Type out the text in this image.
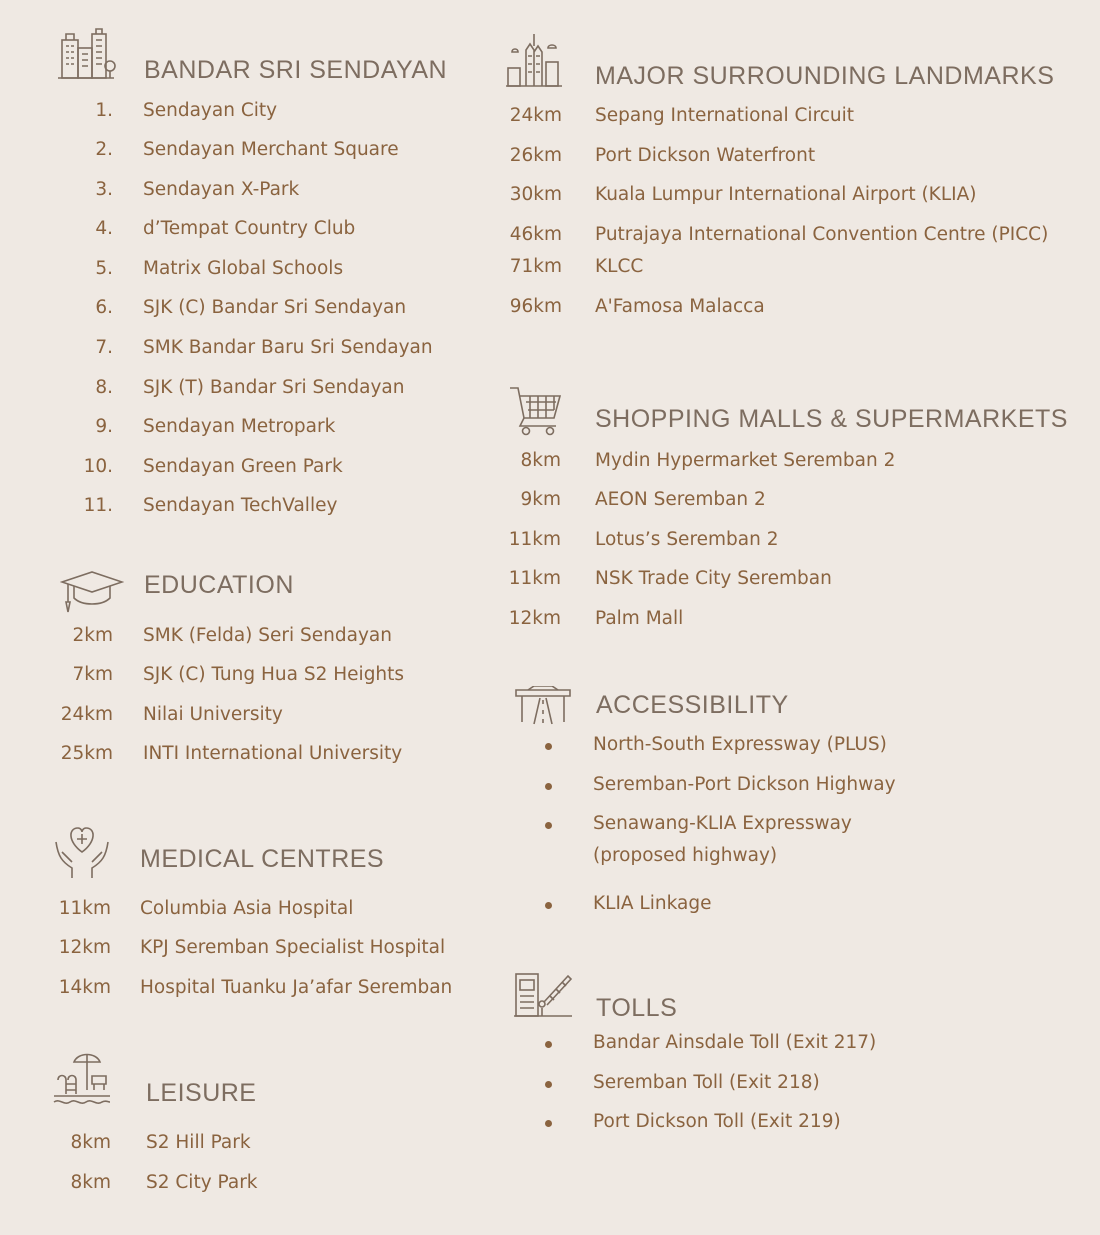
BANDAR SRI SENDAYAN
1. Sendayan City
2. Sendayan Merchant Square
3. Sendayan X-Park
4. d’Tempat Country Club
5. Matrix Global Schools
6. SJK (C) Bandar Sri Sendayan
7. SMK Bandar Baru Sri Sendayan
8. SJK (T) Bandar Sri Sendayan
9. Sendayan Metropark
10. Sendayan Green Park
11. Sendayan TechValley
EDUCATION
2km SMK (Felda) Seri Sendayan
7km SJK (C) Tung Hua S2 Heights
24km Nilai University
25km INTI International University
MEDICAL CENTRES
11km Columbia Asia Hospital
12km KPJ Seremban Specialist Hospital
14km Hospital Tuanku Ja’afar Seremban
LEISURE
8km S2 Hill Park
8km S2 City Park
MAJOR SURROUNDING LANDMARKS
24km Sepang International Circuit
26km Port Dickson Waterfront
30km Kuala Lumpur International Airport (KLIA)
46km Putrajaya International Convention Centre (PICC)
71km KLCC
96km A'Famosa Malacca
SHOPPING MALLS & SUPERMARKETS
8km Mydin Hypermarket Seremban 2
9km AEON Seremban 2
11km Lotus’s Seremban 2
11km NSK Trade City Seremban
12km Palm Mall
ACCESSIBILITY
North-South Expressway (PLUS)
Seremban-Port Dickson Highway
Senawang-KLIA Expressway
(proposed highway)
KLIA Linkage
TOLLS
Bandar Ainsdale Toll (Exit 217)
Seremban Toll (Exit 218)
Port Dickson Toll (Exit 219)
